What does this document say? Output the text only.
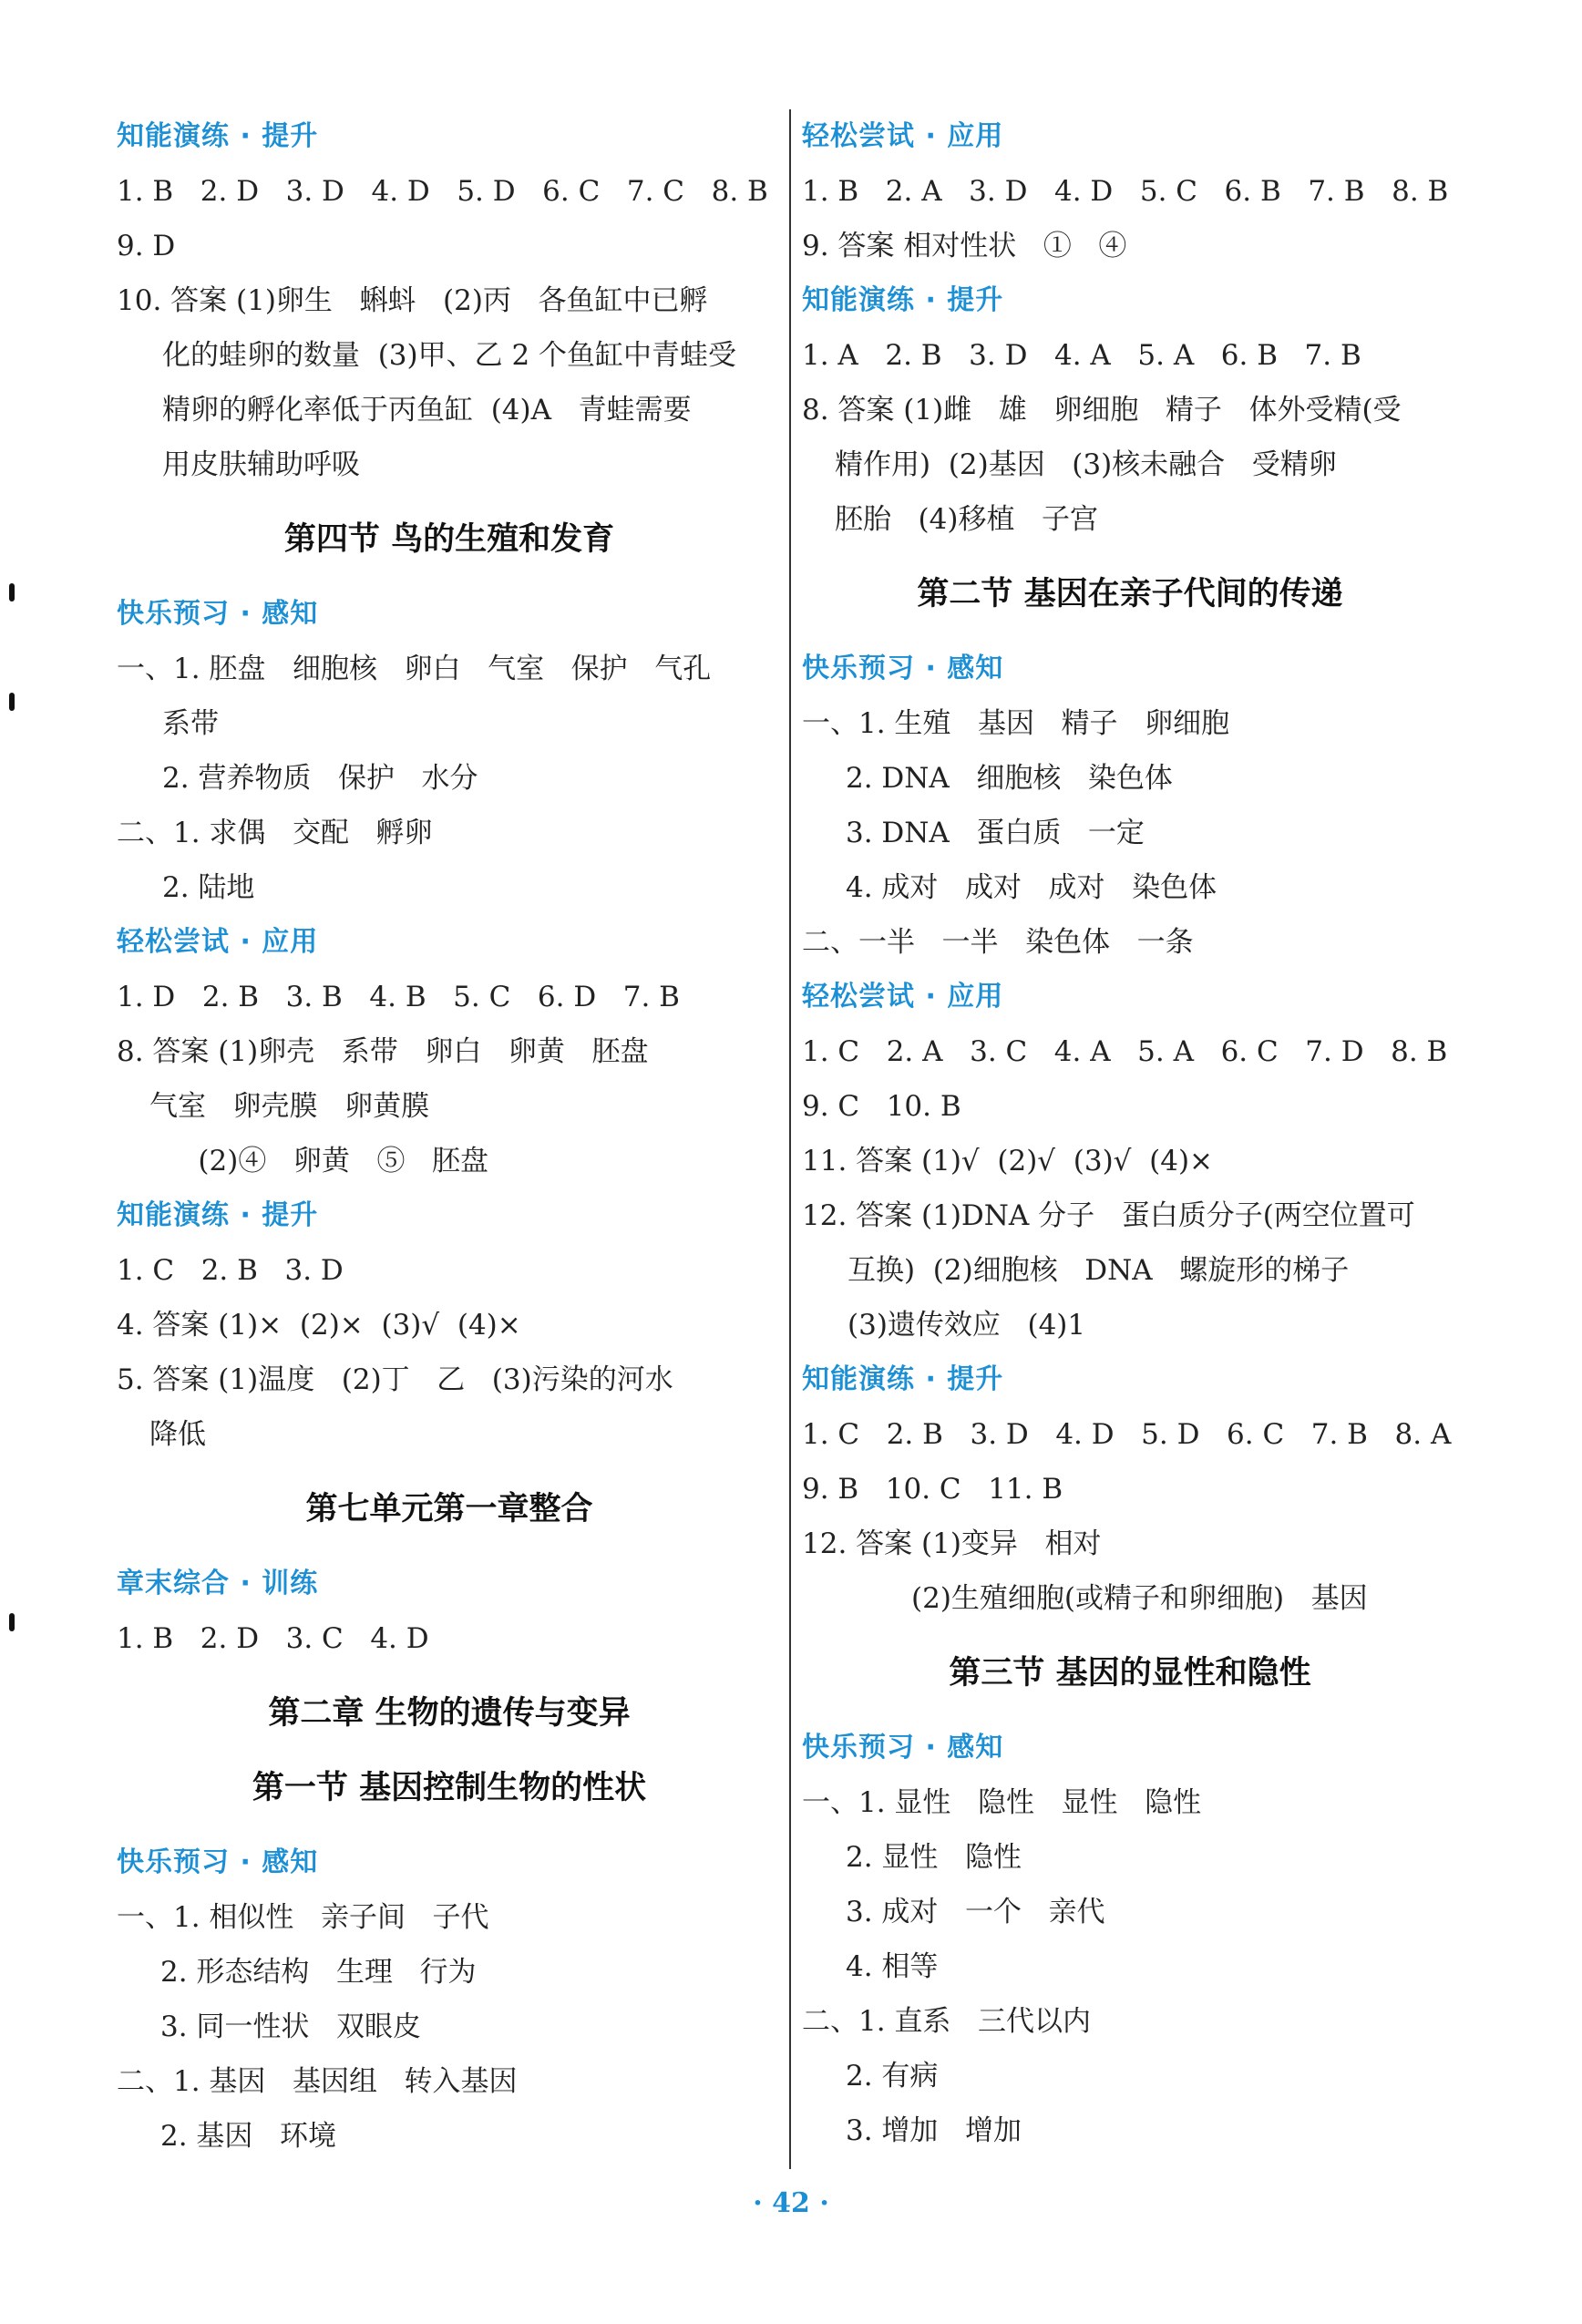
知能演练 · 提升
1. B   2. D   3. D   4. D   5. D   6. C   7. C   8. B
9. D
10. 答案 (1)卵生   蝌蚪   (2)丙   各鱼缸中已孵
化的蛙卵的数量  (3)甲、乙 2 个鱼缸中青蛙受
精卵的孵化率低于丙鱼缸  (4)A   青蛙需要
用皮肤辅助呼吸
第四节 鸟的生殖和发育
快乐预习 · 感知
一、1. 胚盘   细胞核   卵白   气室   保护   气孔
系带
2. 营养物质   保护   水分
二、1. 求偶   交配   孵卵
2. 陆地
轻松尝试 · 应用
1. D   2. B   3. B   4. B   5. C   6. D   7. B
8. 答案 (1)卵壳   系带   卵白   卵黄   胚盘
气室   卵壳膜   卵黄膜
(2)④   卵黄   ⑤   胚盘
知能演练 · 提升
1. C   2. B   3. D
4. 答案 (1)×  (2)×  (3)√  (4)×
5. 答案 (1)温度   (2)丁   乙   (3)污染的河水
降低
第七单元第一章整合
章末综合 · 训练
1. B   2. D   3. C   4. D
第二章 生物的遗传与变异
第一节 基因控制生物的性状
快乐预习 · 感知
一、1. 相似性   亲子间   子代
2. 形态结构   生理   行为
3. 同一性状   双眼皮
二、1. 基因   基因组   转入基因
2. 基因   环境
轻松尝试 · 应用
1. B   2. A   3. D   4. D   5. C   6. B   7. B   8. B
9. 答案 相对性状   ①   ④
知能演练 · 提升
1. A   2. B   3. D   4. A   5. A   6. B   7. B
8. 答案 (1)雌   雄   卵细胞   精子   体外受精(受
精作用)  (2)基因   (3)核未融合   受精卵
胚胎   (4)移植   子宫
第二节 基因在亲子代间的传递
快乐预习 · 感知
一、1. 生殖   基因   精子   卵细胞
2. DNA   细胞核   染色体
3. DNA   蛋白质   一定
4. 成对   成对   成对   染色体
二、一半   一半   染色体   一条
轻松尝试 · 应用
1. C   2. A   3. C   4. A   5. A   6. C   7. D   8. B
9. C   10. B
11. 答案 (1)√  (2)√  (3)√  (4)×
12. 答案 (1)DNA 分子   蛋白质分子(两空位置可
互换)  (2)细胞核   DNA   螺旋形的梯子
(3)遗传效应   (4)1
知能演练 · 提升
1. C   2. B   3. D   4. D   5. D   6. C   7. B   8. A
9. B   10. C   11. B
12. 答案 (1)变异   相对
(2)生殖细胞(或精子和卵细胞)   基因
第三节 基因的显性和隐性
快乐预习 · 感知
一、1. 显性   隐性   显性   隐性
2. 显性   隐性
3. 成对   一个   亲代
4. 相等
二、1. 直系   三代以内
2. 有病
3. 增加   增加
· 42 ·
